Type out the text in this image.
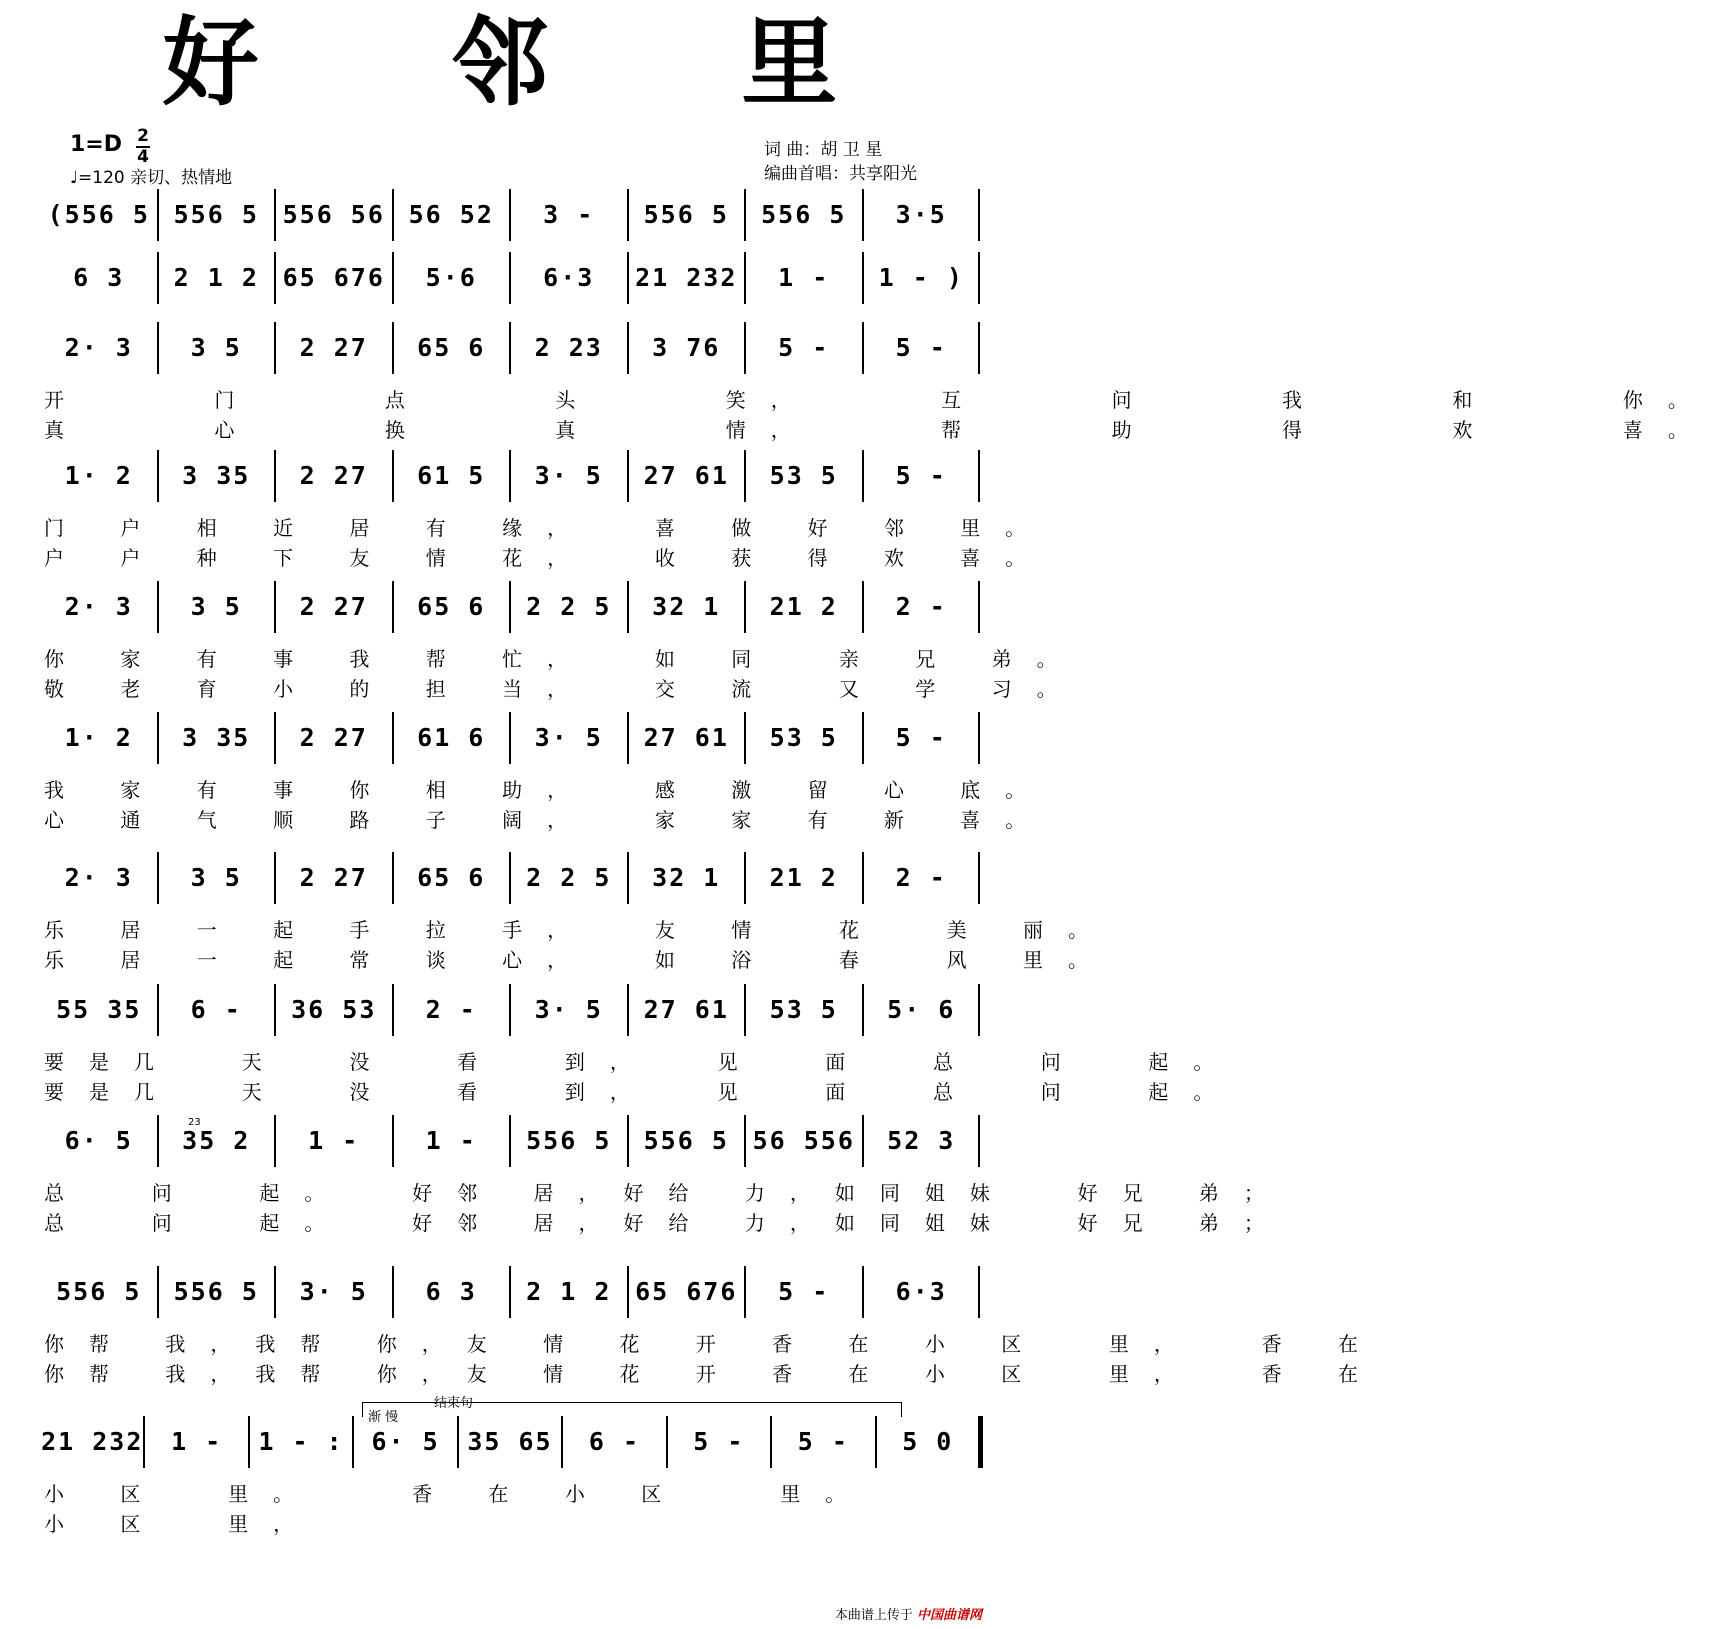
好 邻 里
1=D 2
4
♩=120 亲切、热情地
词 曲：胡 卫 星
编曲首唱：共享阳光
(556 5 556 5 556 56 56 52	3 -	556 5	556 5	3·5
6 3	2 1 2 65 676	5·6	6·3	21 232	1 -	1 - )
2· 3	3 5	2 27	65 6	2 23	3 76	5 -	5 -
开    门    点    头    笑，    互    问    我    和    你。
真    心    换    真    情，    帮    助    得    欢    喜。
1· 2	3 35	2 27	61 5	3· 5	27 61	53 5	5 -
门 户 相 近 居 有 缘，  喜 做 好 邻 里。
户 户 种 下 友 情 花，  收 获 得 欢 喜。
2· 3	3 5	2 27	65 6	2 2 5	32 1	21 2	2 -
你 家 有 事 我 帮 忙，  如 同  亲 兄 弟。
敬 老 育 小 的 担 当，  交 流  又 学 习。
1· 2	3 35	2 27	61 6	3· 5	27 61	53 5	5 -
我 家 有 事 你 相 助，  感 激 留 心 底。
心 通 气 顺 路 子 阔，  家 家 有 新 喜。
2· 3	3 5	2 27	65 6	2 2 5	32 1	21 2	2 -
乐 居 一 起 手 拉 手，  友 情  花  美 丽。
乐 居 一 起 常 谈 心，  如 浴  春  风 里。
55 35	6 -	36 53	2 -	3· 5	27 61	53 5	5· 6
要是几  天  没  看  到，  见  面  总  问  起。
要是几  天  没  看  到，  见  面  总  问  起。
6· 5	35 2	1 -	1 -	556 5	556 5 56 556	52 3
总  问  起。  好邻 居，好给 力，如同姐妹  好兄 弟；
总  问  起。  好邻 居，好给 力，如同姐妹  好兄 弟；
556 5	556 5	3· 5	6 3	2 1 2 65 676	5 -	6·3
你帮 我，我帮 你，友 情 花 开 香 在 小 区  里，  香 在
你帮 我，我帮 你，友 情 花 开 香 在 小 区  里，  香 在
21 232	1 -	1 - :	6· 5	35 65	6 -	5 -	5 -	5 0
小 区  里。   香 在 小 区   里。
小 区  里，
渐 慢
结束句
23
本曲谱上传于 中国曲谱网
